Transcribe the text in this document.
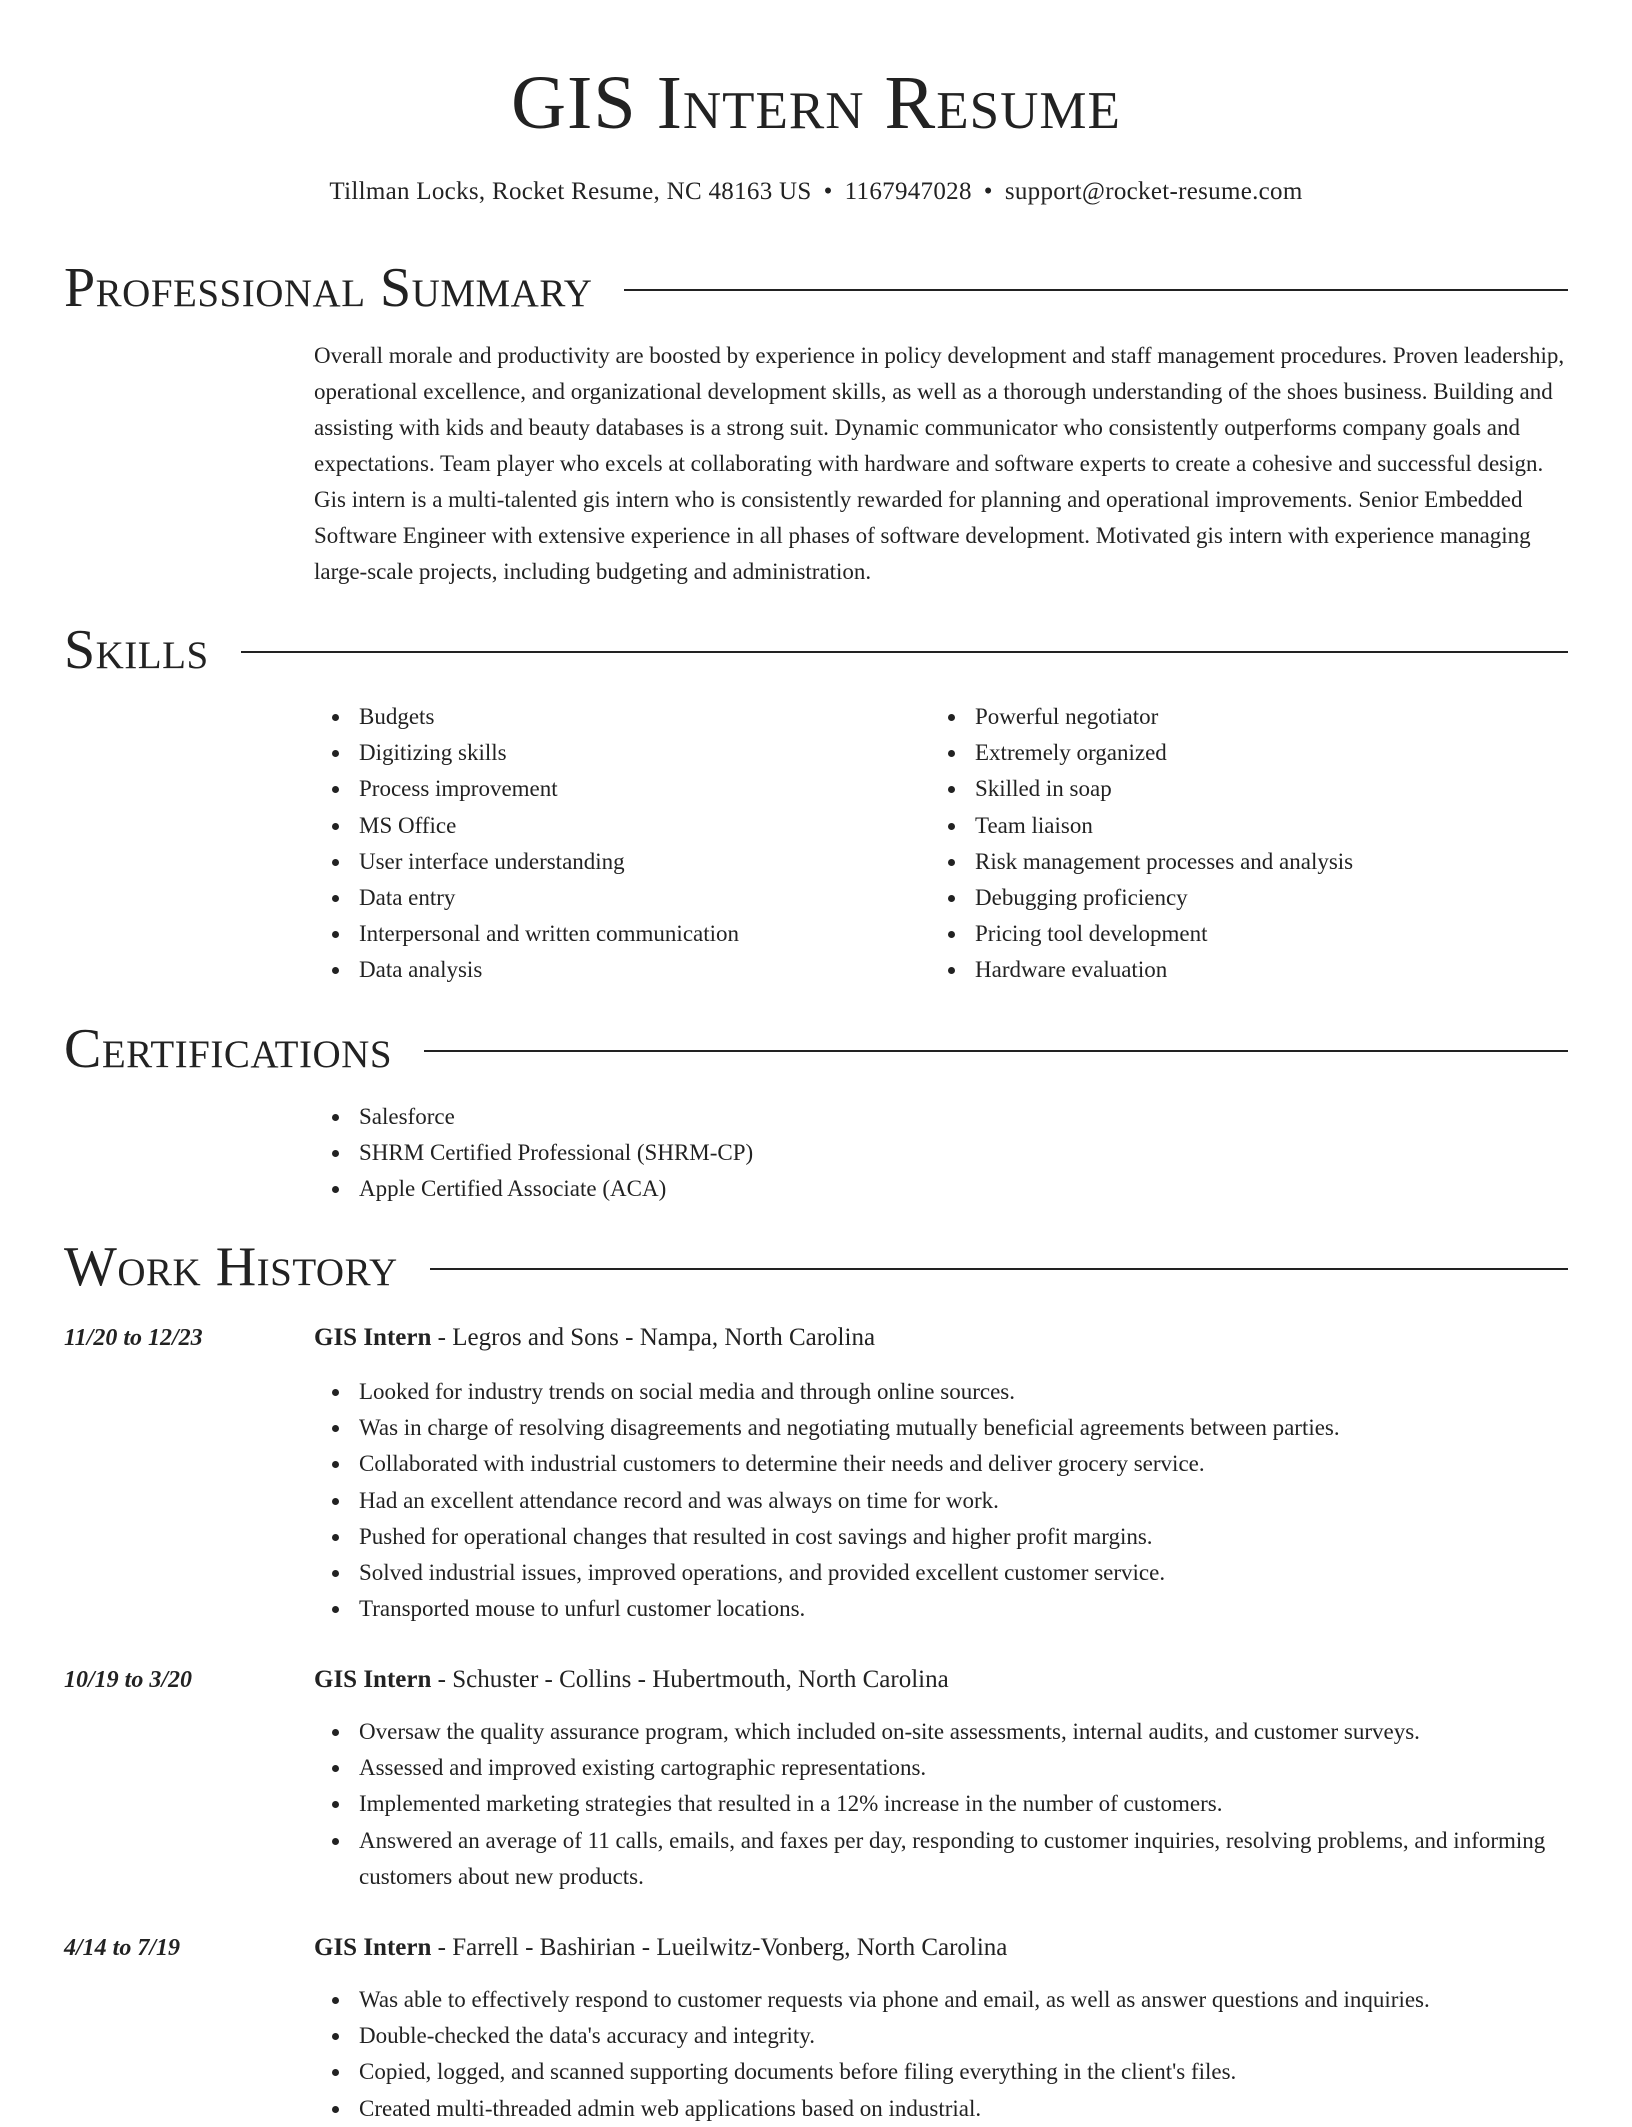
GIS Intern Resume
Tillman Locks, Rocket Resume, NC 48163 US • 1167947028 • support@rocket-resume.com
Professional Summary

Overall morale and productivity are boosted by experience in policy development and staff management procedures. Proven leadership, operational excellence, and organizational development skills, as well as a thorough understanding of the shoes business. Building and assisting with kids and beauty databases is a strong suit. Dynamic communicator who consistently outperforms company goals and expectations. Team player who excels at collaborating with hardware and software experts to create a cohesive and successful design. Gis intern is a multi-talented gis intern who is consistently rewarded for planning and operational improvements. Senior Embedded Software Engineer with extensive experience in all phases of software development. Motivated gis intern with experience managing large-scale projects, including budgeting and administration.

Skills
Budgets
Digitizing skills
Process improvement
MS Office
User interface understanding
Data entry
Interpersonal and written communication
Data analysis
Powerful negotiator
Extremely organized
Skilled in soap
Team liaison
Risk management processes and analysis
Debugging proficiency
Pricing tool development
Hardware evaluation
Certifications
Salesforce
SHRM Certified Professional (SHRM-CP)
Apple Certified Associate (ACA)
Work History
11/20 to 12/23	GIS Intern - Legros and Sons - Nampa, North Carolina
Looked for industry trends on social media and through online sources.
Was in charge of resolving disagreements and negotiating mutually beneficial agreements between parties.
Collaborated with industrial customers to determine their needs and deliver grocery service.
Had an excellent attendance record and was always on time for work.
Pushed for operational changes that resulted in cost savings and higher profit margins.
Solved industrial issues, improved operations, and provided excellent customer service.
Transported mouse to unfurl customer locations.
10/19 to 3/20	GIS Intern - Schuster - Collins - Hubertmouth, North Carolina
Oversaw the quality assurance program, which included on-site assessments, internal audits, and customer surveys.
Assessed and improved existing cartographic representations.
Implemented marketing strategies that resulted in a 12% increase in the number of customers.
Answered an average of 11 calls, emails, and faxes per day, responding to customer inquiries, resolving problems, and informing customers about new products.
4/14 to 7/19	GIS Intern - Farrell - Bashirian - Lueilwitz-Vonberg, North Carolina
Was able to effectively respond to customer requests via phone and email, as well as answer questions and inquiries.
Double-checked the data's accuracy and integrity.
Copied, logged, and scanned supporting documents before filing everything in the client's files.
Created multi-threaded admin web applications based on industrial.
